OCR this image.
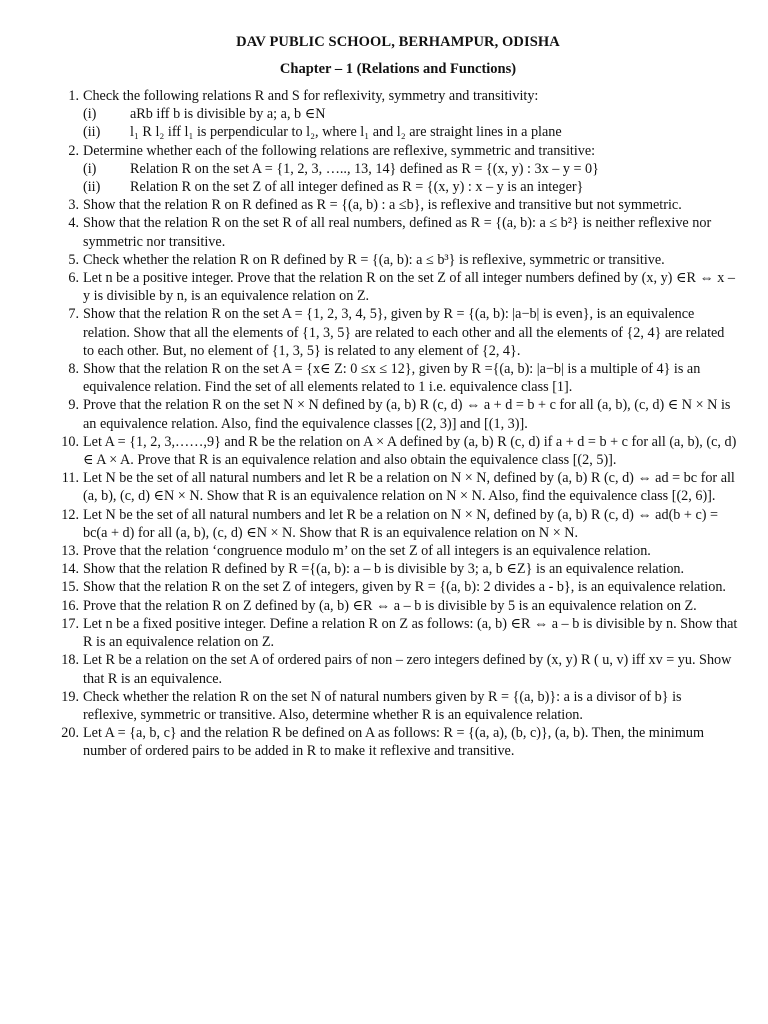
DAV PUBLIC SCHOOL, BERHAMPUR, ODISHA
Chapter – 1 (Relations and Functions)
1. Check the following relations R and S for reflexivity, symmetry and transitivity:
(i)	aRb iff b is divisible by a; a, b ∈N
(ii)	l₁ R l₂ iff l₁ is perpendicular to l₂, where l₁ and l₂ are straight lines in a plane
2. Determine whether each of the following relations are reflexive, symmetric and transitive:
(i)	Relation R on the set A = {1, 2, 3, ….., 13, 14} defined as R = {(x, y) : 3x – y = 0}
(ii)	Relation R on the set Z of all integer defined as R = {(x, y) : x – y is an integer}
3. Show that the relation R on R defined as R = {(a, b) : a ≤b}, is reflexive and transitive but not symmetric.
4. Show that the relation R on the set R of all real numbers, defined as R = {(a, b): a ≤ b²} is neither reflexive nor symmetric nor transitive.
5. Check whether the relation R on R defined by R = {(a, b): a ≤ b³} is reflexive, symmetric or transitive.
6. Let n be a positive integer. Prove that the relation R on the set Z of all integer numbers defined by (x, y) ∈R ⇔ x – y is divisible by n, is an equivalence relation on Z.
7. Show that the relation R on the set A = {1, 2, 3, 4, 5}, given by R = {(a, b): |a−b| is even}, is an equivalence relation. Show that all the elements of {1, 3, 5} are related to each other and all the elements of {2, 4} are related to each other. But, no element of {1, 3, 5} is related to any element of {2, 4}.
8. Show that the relation R on the set A = {x∈ Z: 0 ≤x ≤ 12}, given by R ={(a, b): |a−b| is a multiple of 4} is an equivalence relation. Find the set of all elements related to 1 i.e. equivalence class [1].
9. Prove that the relation R on the set N × N defined by (a, b) R (c, d) ⇔ a + d = b + c for all (a, b), (c, d) ∈ N × N is an equivalence relation. Also, find the equivalence classes [(2, 3)] and [(1, 3)].
10. Let A = {1, 2, 3,……,9} and R be the relation on A × A defined by (a, b) R (c, d) if a + d = b + c for all (a, b), (c, d) ∈ A × A. Prove that R is an equivalence relation and also obtain the equivalence class [(2, 5)].
11. Let N be the set of all natural numbers and let R be a relation on N × N, defined by (a, b) R (c, d) ⇔ ad = bc for all (a, b), (c, d) ∈N × N. Show that R is an equivalence relation on N × N. Also, find the equivalence class [(2, 6)].
12. Let N be the set of all natural numbers and let R be a relation on N × N, defined by (a, b) R (c, d) ⇔ ad(b + c) = bc(a + d) for all (a, b), (c, d) ∈N × N. Show that R is an equivalence relation on N × N.
13. Prove that the relation ‘congruence modulo m’ on the set Z of all integers is an equivalence relation.
14. Show that the relation R defined by R ={(a, b): a – b is divisible by 3; a, b ∈Z} is an equivalence relation.
15. Show that the relation R on the set Z of integers, given by R = {(a, b): 2 divides a - b}, is an equivalence relation.
16. Prove that the relation R on Z defined by (a, b) ∈R ⇔ a – b is divisible by 5 is an equivalence relation on Z.
17. Let n be a fixed positive integer. Define a relation R on Z as follows: (a, b) ∈R ⇔ a – b is divisible by n. Show that R is an equivalence relation on Z.
18. Let R be a relation on the set A of ordered pairs of non – zero integers defined by (x, y) R ( u, v) iff xv = yu. Show that R is an equivalence.
19. Check whether the relation R on the set N of natural numbers given by R = {(a, b)}: a is a divisor of b} is reflexive, symmetric or transitive. Also, determine whether R is an equivalence relation.
20. Let A = {a, b, c} and the relation R be defined on A as follows: R = {(a, a), (b, c)}, (a, b). Then, the minimum number of ordered pairs to be added in R to make it reflexive and transitive.
